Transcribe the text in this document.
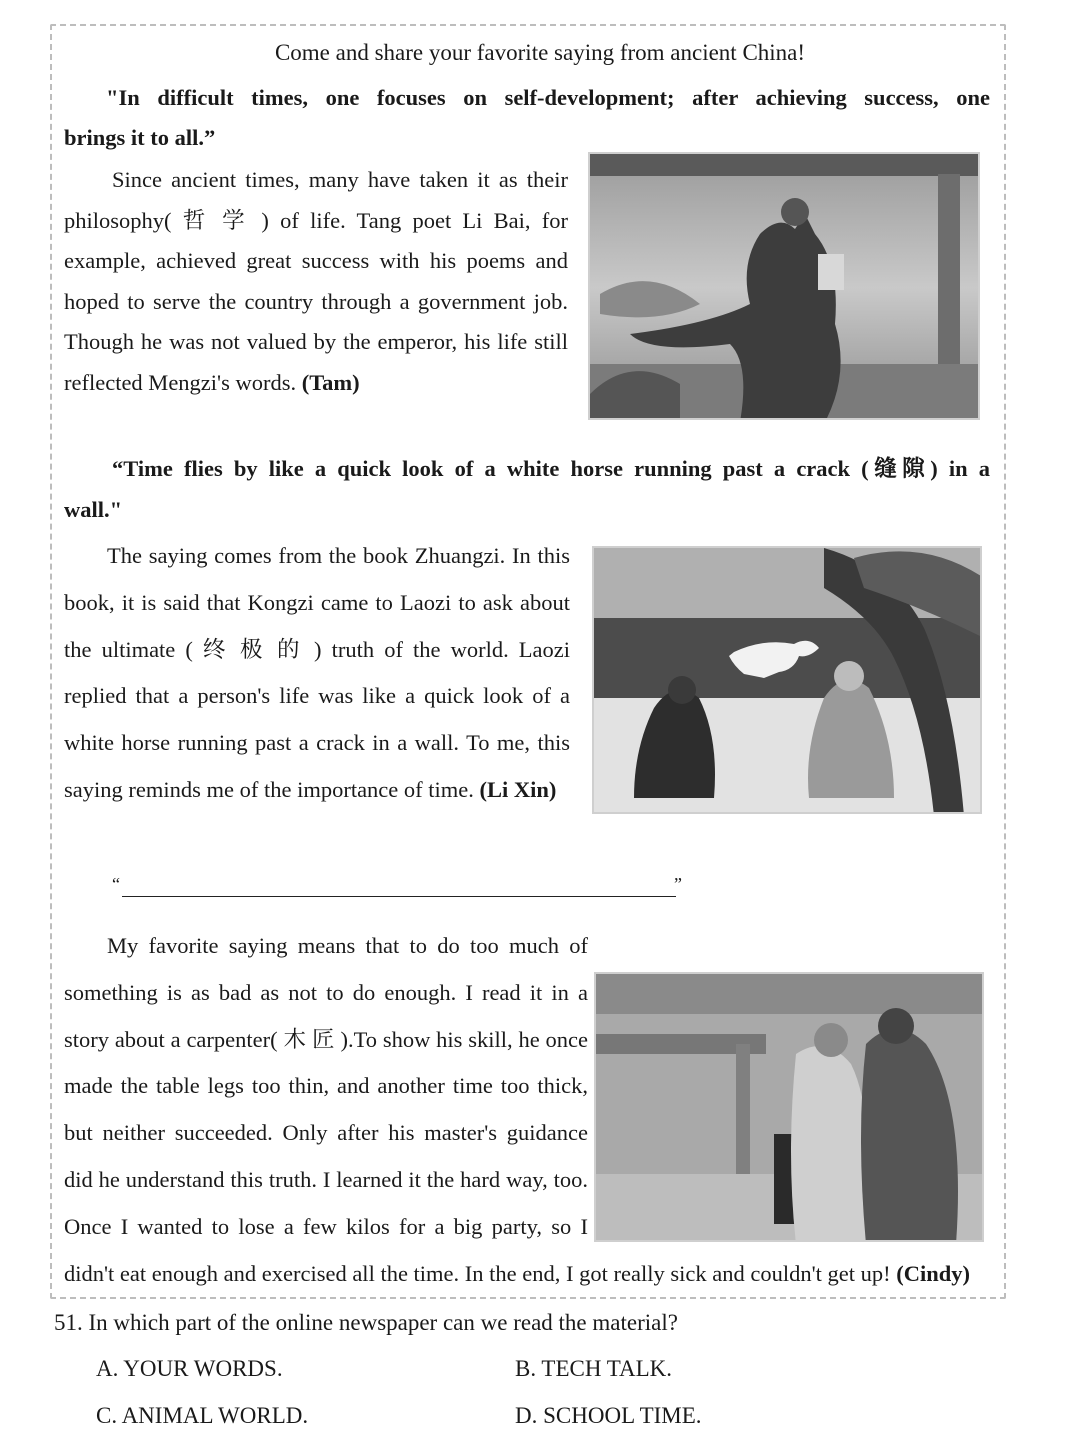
Come and share your favorite saying from ancient China!
"In difficult times, one focuses on self-development; after achieving success, one
brings it to all.”
Since ancient times, many have taken it as their philosophy( 哲 学 ) of life. Tang poet Li Bai, for example, achieved great success with his poems and hoped to serve the country through a government job. Though he was not valued by the emperor, his life still reflected Mengzi's words. (Tam)
“Time flies by like a quick look of a white horse running past a crack (缝隙) in a
wall."
The saying comes from the book Zhuangzi. In this book, it is said that Kongzi came to Laozi to ask about the ultimate ( 终 极 的 ) truth of the world. Laozi replied that a person's life was like a quick look of a white horse running past a crack in a wall. To me, this saying reminds me of the importance of time. (Li Xin)
“	”
My favorite saying means that to do too much of something is as bad as not to do enough. I read it in a story about a carpenter( 木 匠 ).To show his skill, he once made the table legs too thin, and another time too thick, but neither succeeded. Only after his master's guidance did he understand this truth. I learned it the hard way, too. Once I wanted to lose a few kilos for a big party, so I didn't eat enough and exercised all the time. In the end, I got really sick and couldn't get up! (Cindy)
51. In which part of the online newspaper can we read the material?
A. YOUR WORDS.	B. TECH TALK.
C. ANIMAL WORLD.	D. SCHOOL TIME.
